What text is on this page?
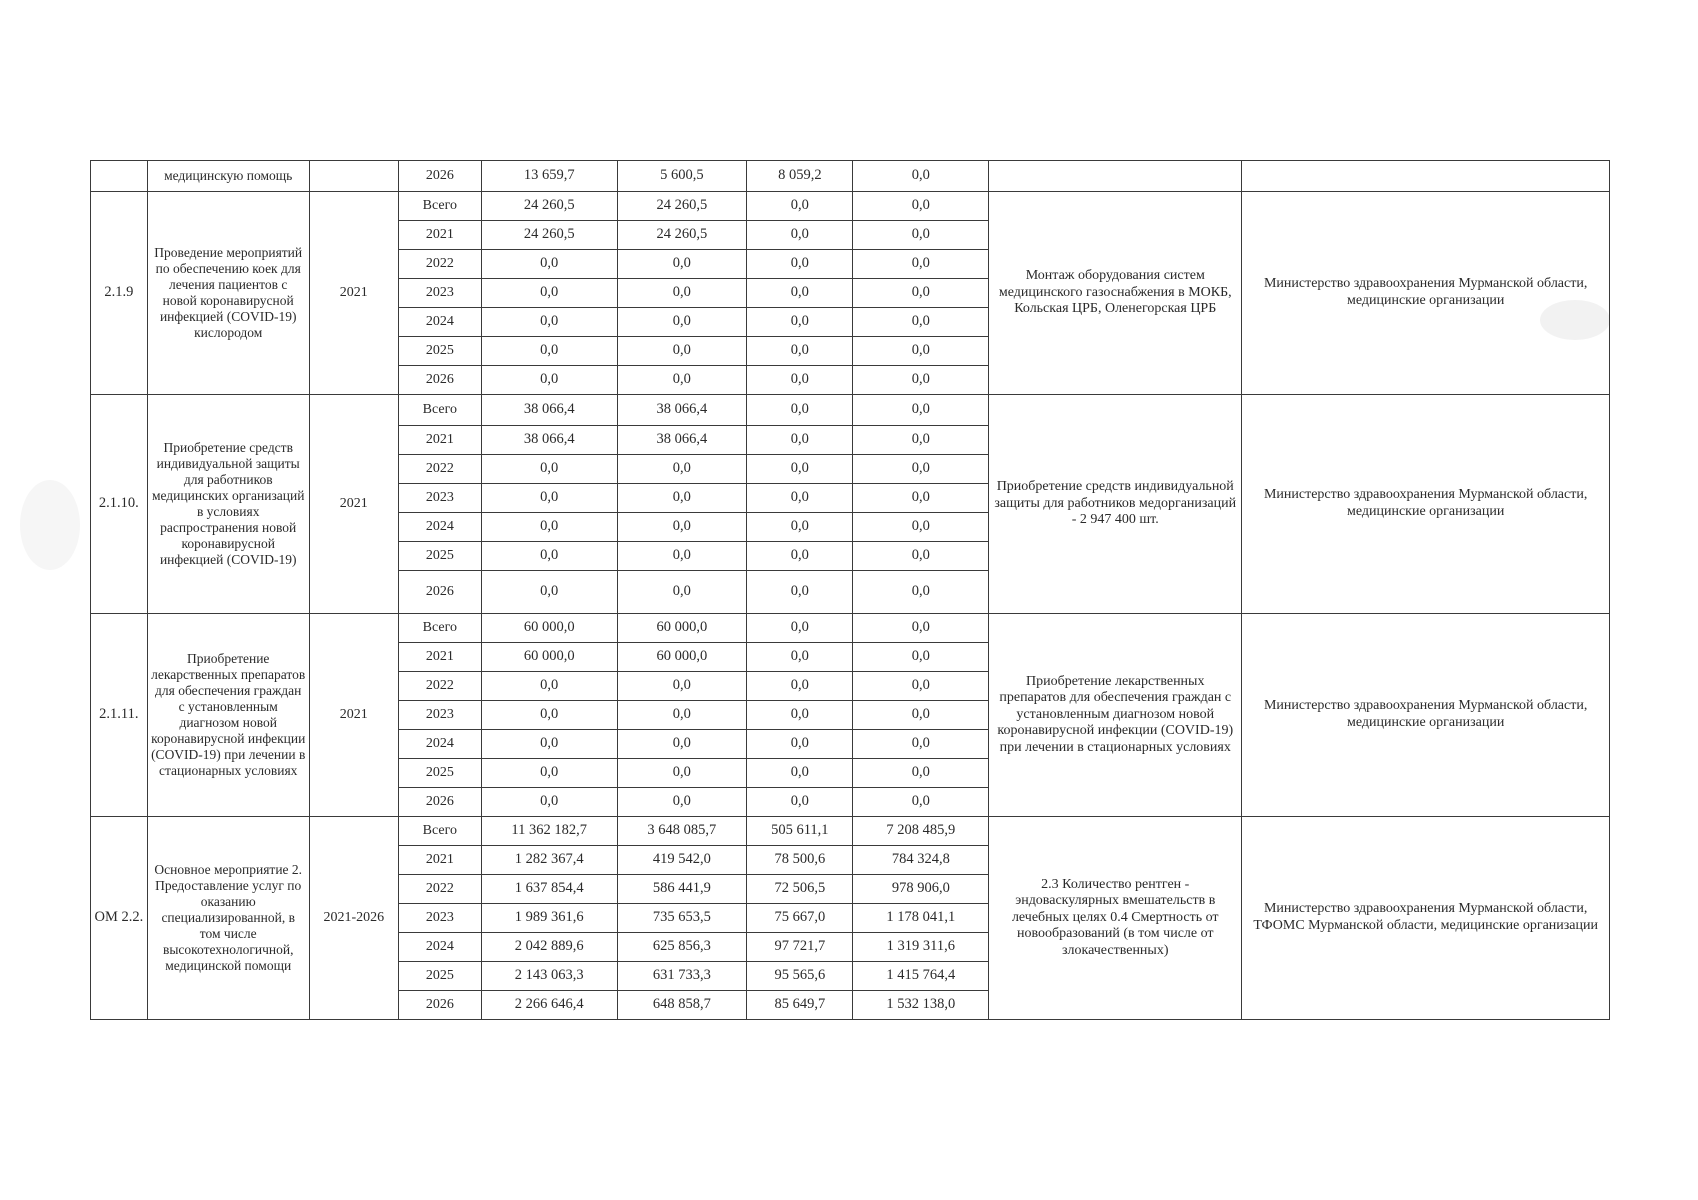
	медицинскую помощь		2026	13 659,7	5 600,5	8 059,2	0,0		
2.1.9	Проведение мероприятий по обеспечению коек для лечения пациентов с новой коронавирусной инфекцией (COVID-19) кислородом	2021	Всего	24 260,5	24 260,5	0,0	0,0	Монтаж оборудования систем медицинского газоснабжения в МОКБ, Кольская ЦРБ, Оленегорская ЦРБ	Министерство здравоохранения Мурманской области, медицинские организации
			2021	24 260,5	24 260,5	0,0	0,0		
			2022	0,0	0,0	0,0	0,0		
			2023	0,0	0,0	0,0	0,0		
			2024	0,0	0,0	0,0	0,0		
			2025	0,0	0,0	0,0	0,0		
			2026	0,0	0,0	0,0	0,0		
2.1.10.	Приобретение средств индивидуальной защиты для работников медицинских организаций в условиях распространения новой коронавирусной инфекцией (COVID-19)	2021	Всего	38 066,4	38 066,4	0,0	0,0	Приобретение средств индивидуальной защиты для работников медорганизаций - 2 947 400 шт.	Министерство здравоохранения Мурманской области, медицинские организации
			2021	38 066,4	38 066,4	0,0	0,0		
			2022	0,0	0,0	0,0	0,0		
			2023	0,0	0,0	0,0	0,0		
			2024	0,0	0,0	0,0	0,0		
			2025	0,0	0,0	0,0	0,0		
			2026	0,0	0,0	0,0	0,0		
2.1.11.	Приобретение лекарственных препаратов для обеспечения граждан с установленным диагнозом новой коронавирусной инфекции (COVID-19) при лечении в стационарных условиях	2021	Всего	60 000,0	60 000,0	0,0	0,0	Приобретение лекарственных препаратов для обеспечения граждан с установленным диагнозом новой коронавирусной инфекции (COVID-19) при лечении в стационарных условиях	Министерство здравоохранения Мурманской области, медицинские организации
			2021	60 000,0	60 000,0	0,0	0,0		
			2022	0,0	0,0	0,0	0,0		
			2023	0,0	0,0	0,0	0,0		
			2024	0,0	0,0	0,0	0,0		
			2025	0,0	0,0	0,0	0,0		
			2026	0,0	0,0	0,0	0,0		
ОМ 2.2.	Основное мероприятие 2. Предоставление услуг по оказанию специализированной, в том числе высокотехнологичной, медицинской помощи	2021-2026	Всего	11 362 182,7	3 648 085,7	505 611,1	7 208 485,9	2.3 Количество рентген - эндоваскулярных вмешательств в лечебных целях 0.4 Смертность от новообразований (в том числе от злокачественных)	Министерство здравоохранения Мурманской области, ТФОМС Мурманской области, медицинские организации
			2021	1 282 367,4	419 542,0	78 500,6	784 324,8		
			2022	1 637 854,4	586 441,9	72 506,5	978 906,0		
			2023	1 989 361,6	735 653,5	75 667,0	1 178 041,1		
			2024	2 042 889,6	625 856,3	97 721,7	1 319 311,6		
			2025	2 143 063,3	631 733,3	95 565,6	1 415 764,4		
			2026	2 266 646,4	648 858,7	85 649,7	1 532 138,0		
